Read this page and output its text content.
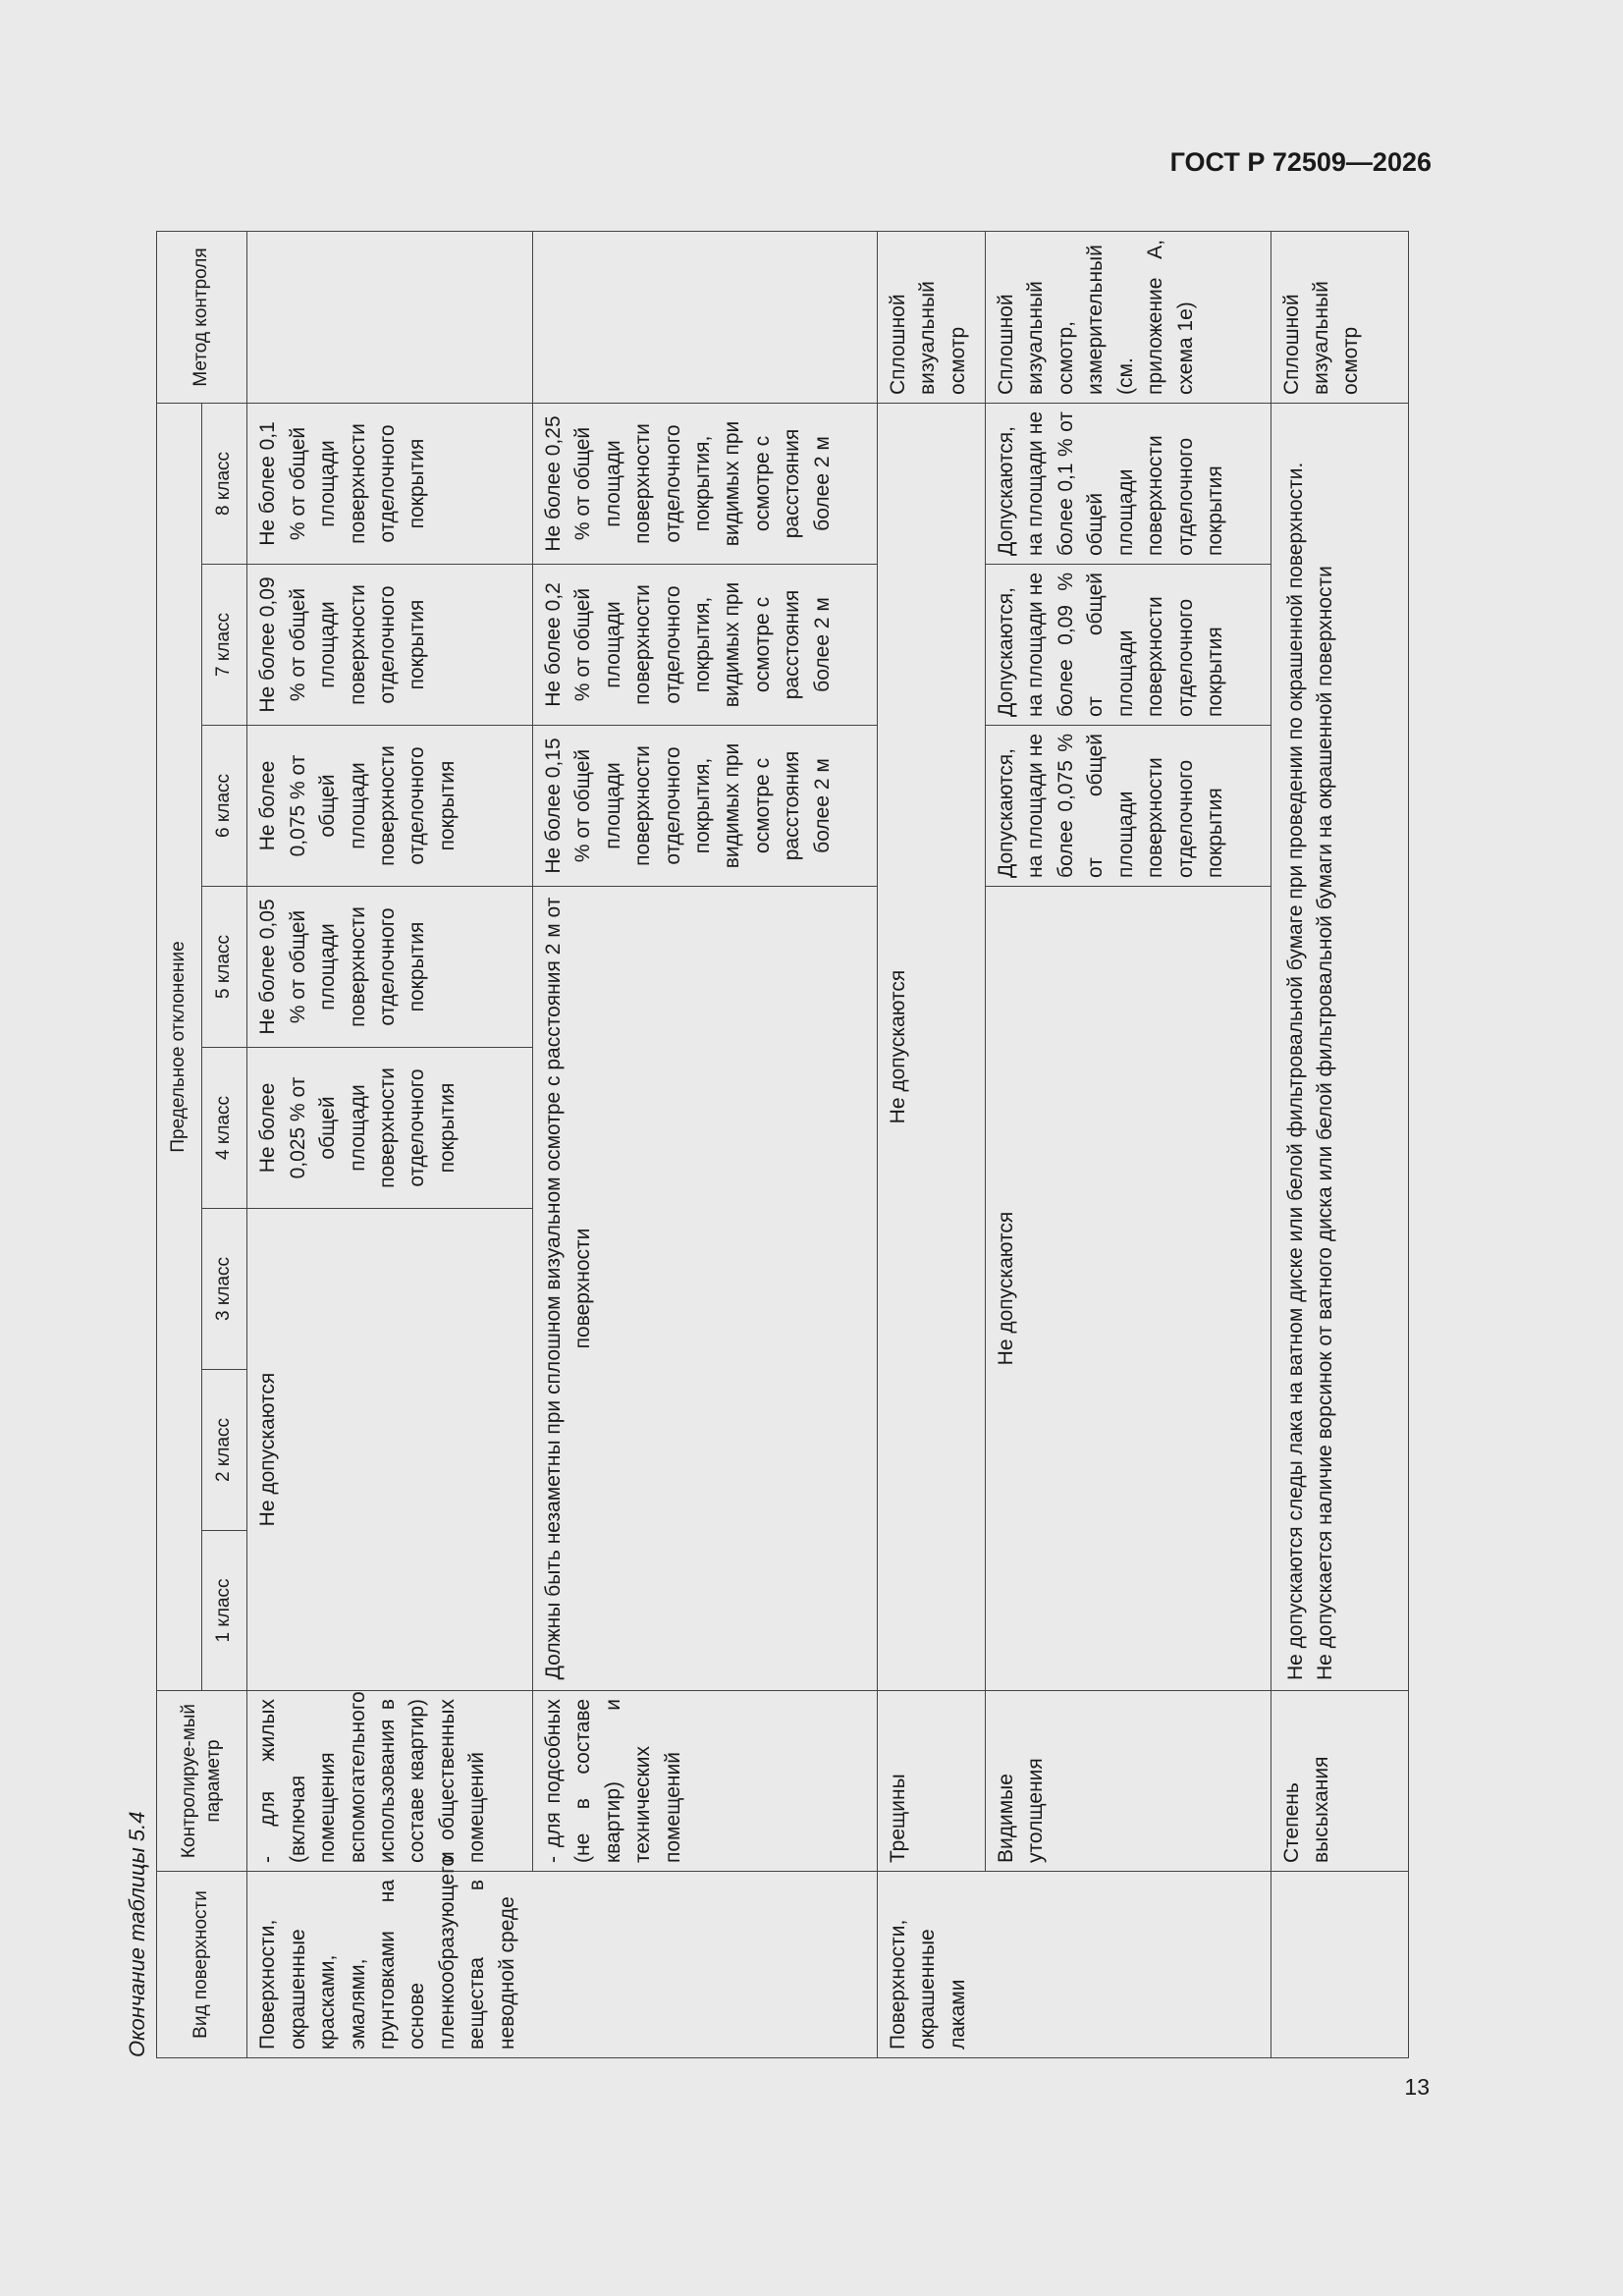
ГОСТ Р 72509—2026
Окончание таблицы 5.4 Вид поверхности	Контролируе-мый параметр	Предельное отклонение								Метод контроля
		1 класс	2 класс	3 класс	4 класс	5 класс	6 класс	7 класс	8 класс	
Поверхности, окрашенные красками, эмалями, грунтовками на основе пленкообразующего вещества в неводной среде	- для жилых (включая помещения вспомогательного использования в составе квартир) и общественных помещений	Не допускаются			Не более 0,025 % от общей площади поверхности отделочного покрытия	Не более 0,05 % от общей площади поверхности отделочного покрытия	Не более 0,075 % от общей площади поверхности отделочного покрытия	Не более 0,09 % от общей площади поверхности отделочного покрытия	Не более 0,1 % от общей площади поверхности отделочного покрытия	
	- для подсобных (не в составе квартир) и технических помещений	Должны быть незаметны при сплошном визуальном осмотре с расстояния 2 м от поверхности					Не более 0,15 % от общей площади поверхности отделочного покрытия, видимых при осмотре с расстояния более 2 м	Не более 0,2 % от общей площади поверхности отделочного покрытия, видимых при осмотре с расстояния более 2 м	Не более 0,25 % от общей площади поверхности отделочного покрытия, видимых при осмотре с расстояния более 2 м	
Поверхности, окрашенные лаками	Трещины	Не допускаются								Сплошной визуальный осмотр
	Видимые утолщения	Не допускаются					Допускаются, на площади не более 0,075 % от общей площади поверхности отделочного покрытия	Допускаются, на площади не более 0,09 % от общей площади поверхности отделочного покрытия	Допускаются, на площади не более 0,1 % от общей площади поверхности отделочного покрытия	Сплошной визуальный осмотр, измерительный (см. приложение А, схема 1е)
	Степень высыхания	Не допускаются следы лака на ватном диске или белой фильтровальной бумаге при проведении по окрашенной поверхности. Не допускается наличие ворсинок от ватного диска или белой фильтровальной бумаги на окрашенной поверхности								Сплошной визуальный осмотр
13
